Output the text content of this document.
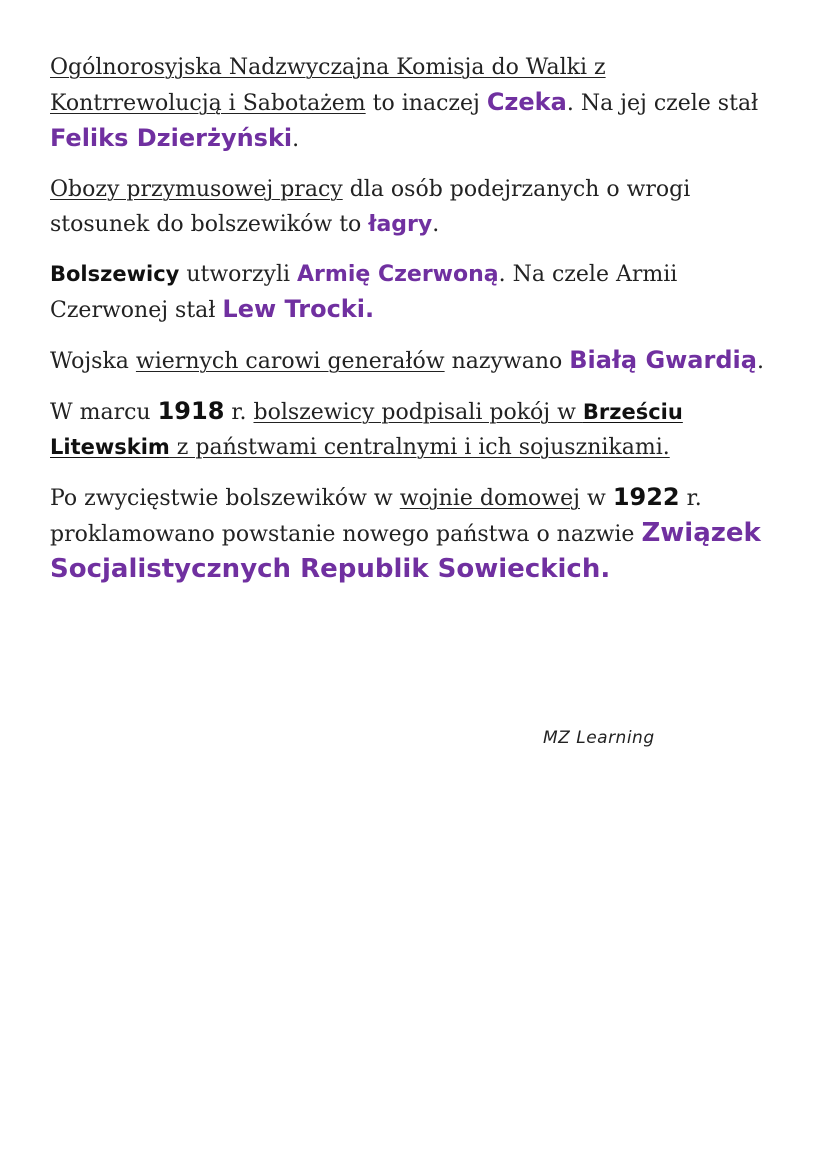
Ogólnorosyjska Nadzwyczajna Komisja do Walki z Kontrrewolucją i Sabotażem to inaczej Czeka. Na jej czele stał Feliks Dzierżyński.

Obozy przymusowej pracy dla osób podejrzanych o wrogi stosunek do bolszewików to łagry.

Bolszewicy utworzyli Armię Czerwoną. Na czele Armii Czerwonej stał Lew Trocki.

Wojska wiernych carowi generałów nazywano Białą Gwardią.

W marcu 1918 r. bolszewicy podpisali pokój w Brześciu Litewskim z państwami centralnymi i ich sojusznikami.

Po zwycięstwie bolszewików w wojnie domowej w 1922 r. proklamowano powstanie nowego państwa o nazwie Związek Socjalistycznych Republik Sowieckich.

MZ Learning
